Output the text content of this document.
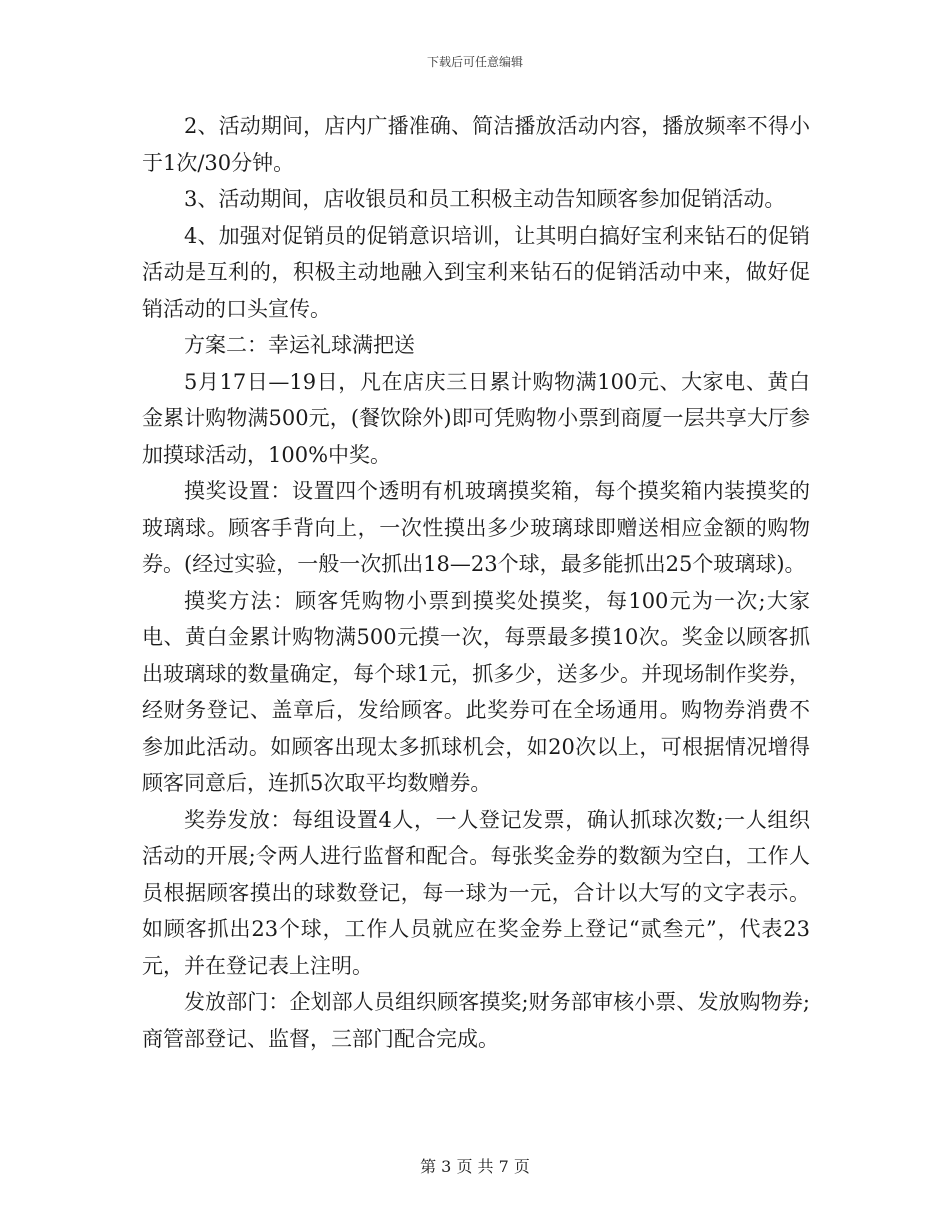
下载后可任意编辑

2、活动期间，店内广播准确、简洁播放活动内容，播放频率不得小于1次/30分钟。

3、活动期间，店收银员和员工积极主动告知顾客参加促销活动。

4、加强对促销员的促销意识培训，让其明白搞好宝利来钻石的促销活动是互利的，积极主动地融入到宝利来钻石的促销活动中来，做好促销活动的口头宣传。

方案二：幸运礼球满把送

5月17日—19日，凡在店庆三日累计购物满100元、大家电、黄白金累计购物满500元，(餐饮除外)即可凭购物小票到商厦一层共享大厅参加摸球活动，100%中奖。

摸奖设置：设置四个透明有机玻璃摸奖箱，每个摸奖箱内装摸奖的玻璃球。顾客手背向上，一次性摸出多少玻璃球即赠送相应金额的购物券。(经过实验，一般一次抓出18—23个球，最多能抓出25个玻璃球)。

摸奖方法：顾客凭购物小票到摸奖处摸奖，每100元为一次;大家电、黄白金累计购物满500元摸一次，每票最多摸10次。奖金以顾客抓出玻璃球的数量确定，每个球1元，抓多少，送多少。并现场制作奖券，经财务登记、盖章后，发给顾客。此奖券可在全场通用。购物券消费不参加此活动。如顾客出现太多抓球机会，如20次以上，可根据情况增得顾客同意后，连抓5次取平均数赠券。

奖券发放：每组设置4人，一人登记发票，确认抓球次数;一人组织活动的开展;令两人进行监督和配合。每张奖金券的数额为空白，工作人员根据顾客摸出的球数登记，每一球为一元，合计以大写的文字表示。如顾客抓出23个球，工作人员就应在奖金券上登记“贰叁元”，代表23元，并在登记表上注明。

发放部门：企划部人员组织顾客摸奖;财务部审核小票、发放购物券;商管部登记、监督，三部门配合完成。

第 3 页 共 7 页
